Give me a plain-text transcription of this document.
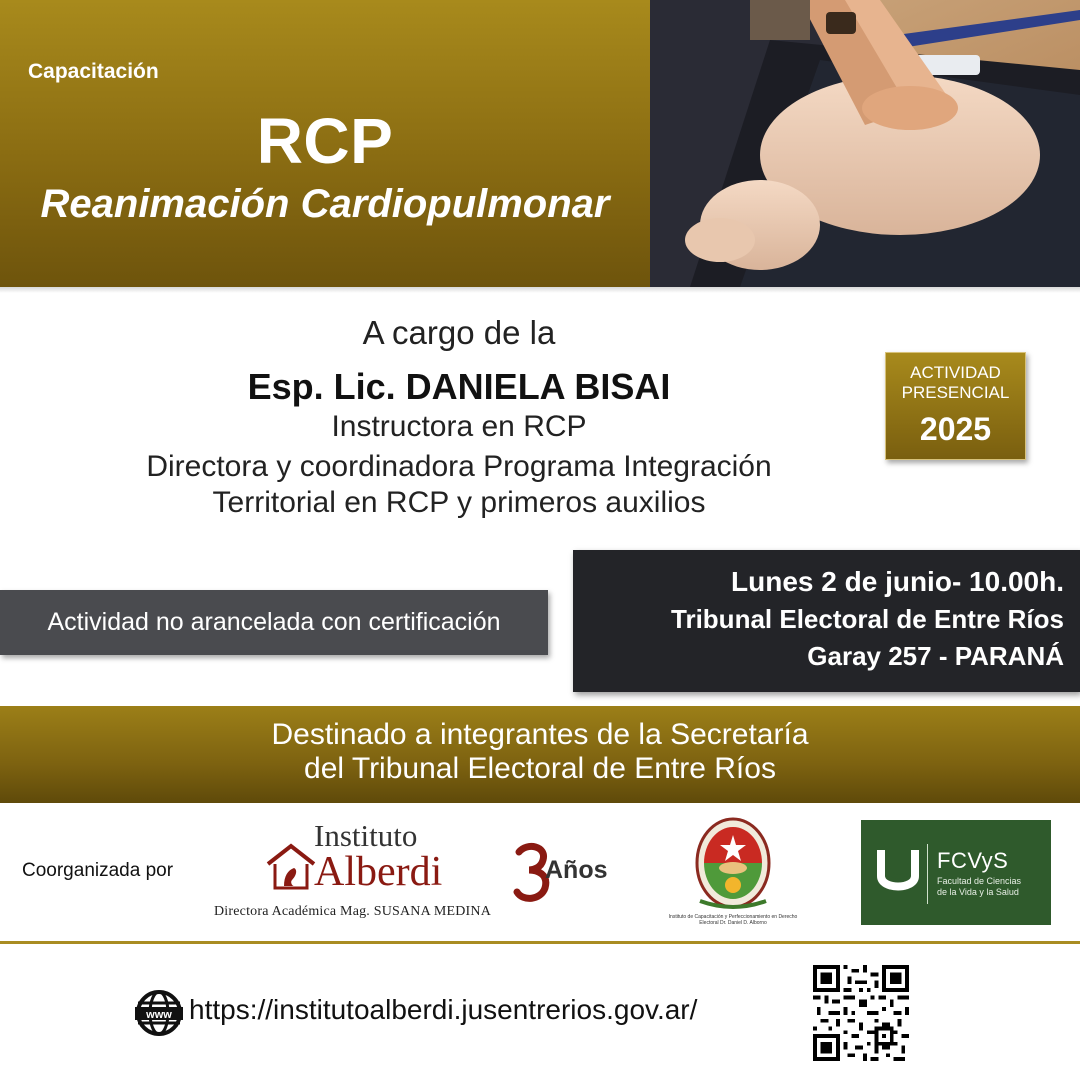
Capacitación
RCP
Reanimación Cardiopulmonar
A cargo de la
Esp. Lic. DANIELA BISAI
Instructora en RCP
Directora y coordinadora Programa Integración
Territorial en RCP y primeros auxilios
ACTIVIDAD
PRESENCIAL
2025
Actividad no arancelada con certificación
Lunes 2 de junio- 10.00h.
Tribunal Electoral de Entre Ríos
Garay 257 - PARANÁ
Destinado a integrantes de la Secretaría
del Tribunal Electoral de Entre Ríos
Coorganizada por
Instituto
Alberdi
Directora Académica Mag. SUSANA MEDINA
Años
Instituto de Capacitación y Perfeccionamiento en Derecho Electoral Dr. Daniel D. Alborno
FCVyS
Facultad de Ciencias
de la Vida y la Salud
www https://institutoalberdi.jusentrerios.gov.ar/
